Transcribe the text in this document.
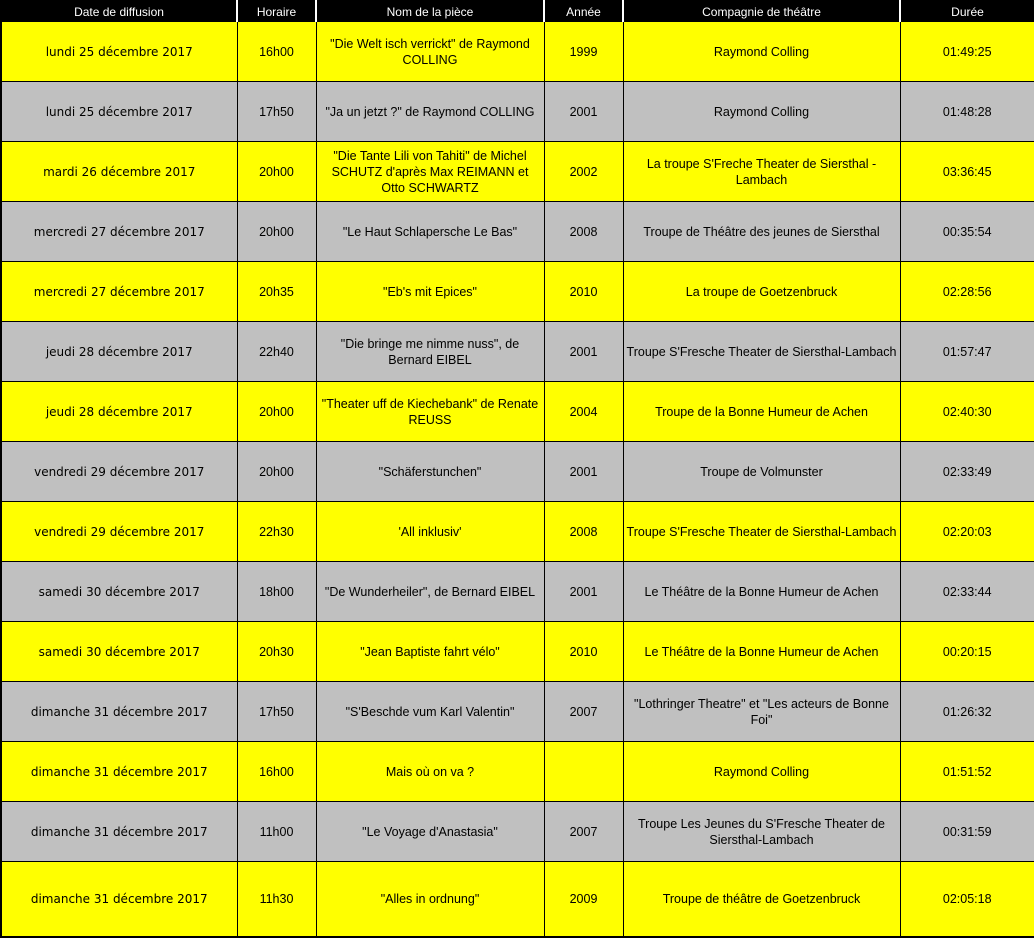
Date de diffusion	Horaire	Nom de la pièce	Année	Compagnie de théâtre	Durée
lundi 25 décembre 2017	16h00	"Die Welt isch verrickt" de Raymond COLLING	1999	Raymond Colling	01:49:25
lundi 25 décembre 2017	17h50	"Ja un jetzt ?" de Raymond COLLING	2001	Raymond Colling	01:48:28
mardi 26 décembre 2017	20h00	"Die Tante Lili von Tahiti" de Michel SCHUTZ d'après Max REIMANN et Otto SCHWARTZ	2002	La troupe S'Freche Theater de Siersthal - Lambach	03:36:45
mercredi 27 décembre 2017	20h00	"Le Haut Schlapersche Le Bas"	2008	Troupe de Théâtre des jeunes de Siersthal	00:35:54
mercredi 27 décembre 2017	20h35	"Eb's mit Epices"	2010	La troupe de Goetzenbruck	02:28:56
jeudi 28 décembre 2017	22h40	"Die bringe me nimme nuss", de Bernard EIBEL	2001	Troupe S'Fresche Theater de Siersthal-Lambach	01:57:47
jeudi 28 décembre 2017	20h00	"Theater uff de Kiechebank" de Renate REUSS	2004	Troupe de la Bonne Humeur de Achen	02:40:30
vendredi 29 décembre 2017	20h00	"Schäferstunchen"	2001	Troupe de Volmunster	02:33:49
vendredi 29 décembre 2017	22h30	'All inklusiv'	2008	Troupe S'Fresche Theater de Siersthal-Lambach	02:20:03
samedi 30 décembre 2017	18h00	"De Wunderheiler", de Bernard EIBEL	2001	Le Théâtre de la Bonne Humeur de Achen	02:33:44
samedi 30 décembre 2017	20h30	"Jean Baptiste fahrt vélo"	2010	Le Théâtre de la Bonne Humeur de Achen	00:20:15
dimanche 31 décembre 2017	17h50	"S'Beschde vum Karl Valentin"	2007	"Lothringer Theatre" et "Les acteurs de Bonne Foi"	01:26:32
dimanche 31 décembre 2017	16h00	Mais où on va ?		Raymond Colling	01:51:52
dimanche 31 décembre 2017	11h00	"Le Voyage d'Anastasia"	2007	Troupe Les Jeunes du S'Fresche Theater de Siersthal-Lambach	00:31:59
dimanche 31 décembre 2017	11h30	"Alles in ordnung"	2009	Troupe de théâtre de Goetzenbruck	02:05:18
